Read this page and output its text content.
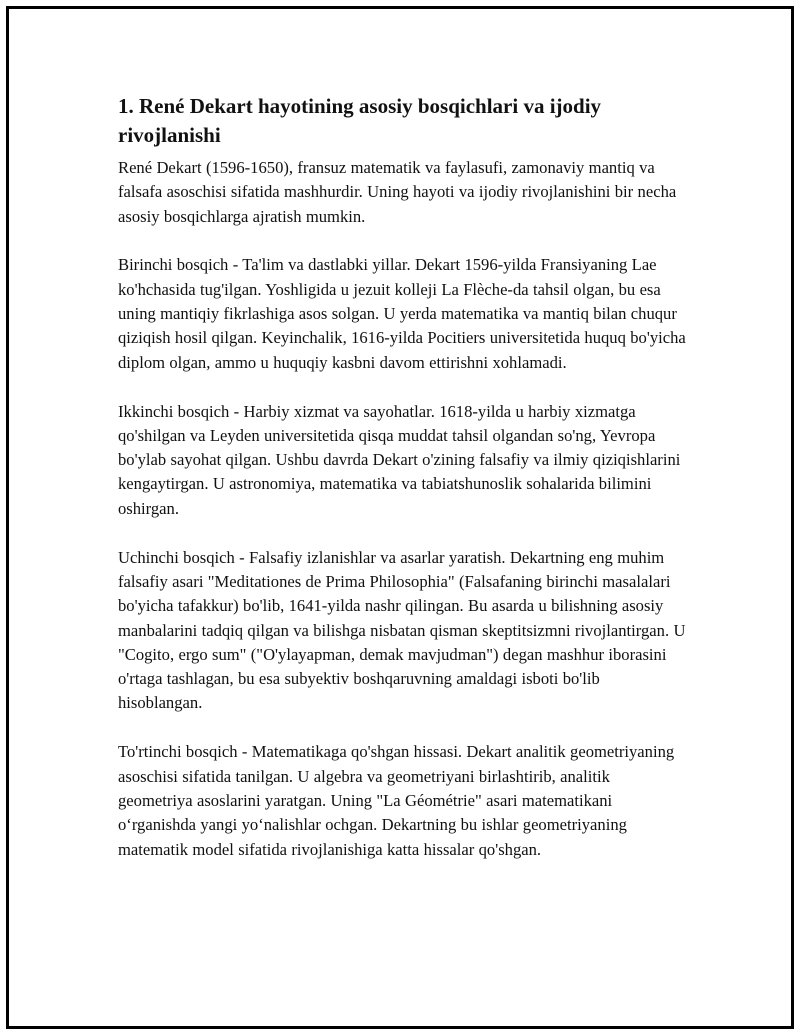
1. René Dekart hayotining asosiy bosqichlari va ijodiy rivojlanishi

René Dekart (1596-1650), fransuz matematik va faylasufi, zamonaviy mantiq va falsafa asoschisi sifatida mashhurdir. Uning hayoti va ijodiy rivojlanishini bir necha asosiy bosqichlarga ajratish mumkin.

Birinchi bosqich - Ta'lim va dastlabki yillar. Dekart 1596-yilda Fransiyaning Lae ko'hchasida tug'ilgan. Yoshligida u jezuit kolleji La Flèche-da tahsil olgan, bu esa uning mantiqiy fikrlashiga asos solgan. U yerda matematika va mantiq bilan chuqur qiziqish hosil qilgan. Keyinchalik, 1616-yilda Pocitiers universitetida huquq bo'yicha diplom olgan, ammo u huquqiy kasbni davom ettirishni xohlamadi.

Ikkinchi bosqich - Harbiy xizmat va sayohatlar. 1618-yilda u harbiy xizmatga qo'shilgan va Leyden universitetida qisqa muddat tahsil olgandan so'ng, Yevropa bo'ylab sayohat qilgan. Ushbu davrda Dekart o'zining falsafiy va ilmiy qiziqishlarini kengaytirgan. U astronomiya, matematika va tabiatshunoslik sohalarida bilimini oshirgan.

Uchinchi bosqich - Falsafiy izlanishlar va asarlar yaratish. Dekartning eng muhim falsafiy asari "Meditationes de Prima Philosophia" (Falsafaning birinchi masalalari bo'yicha tafakkur) bo'lib, 1641-yilda nashr qilingan. Bu asarda u bilishning asosiy manbalarini tadqiq qilgan va bilishga nisbatan qisman skeptitsizmni rivojlantirgan. U "Cogito, ergo sum" ("O'ylayapman, demak mavjudman") degan mashhur iborasini o'rtaga tashlagan, bu esa subyektiv boshqaruvning amaldagi isboti bo'lib hisoblangan.

To'rtinchi bosqich - Matematikaga qo'shgan hissasi. Dekart analitik geometriyaning asoschisi sifatida tanilgan. U algebra va geometriyani birlashtirib, analitik geometriya asoslarini yaratgan. Uning "La Géométrie" asari matematikani o‘rganishda yangi yo‘nalishlar ochgan. Dekartning bu ishlar geometriyaning matematik model sifatida rivojlanishiga katta hissalar qo'shgan.
